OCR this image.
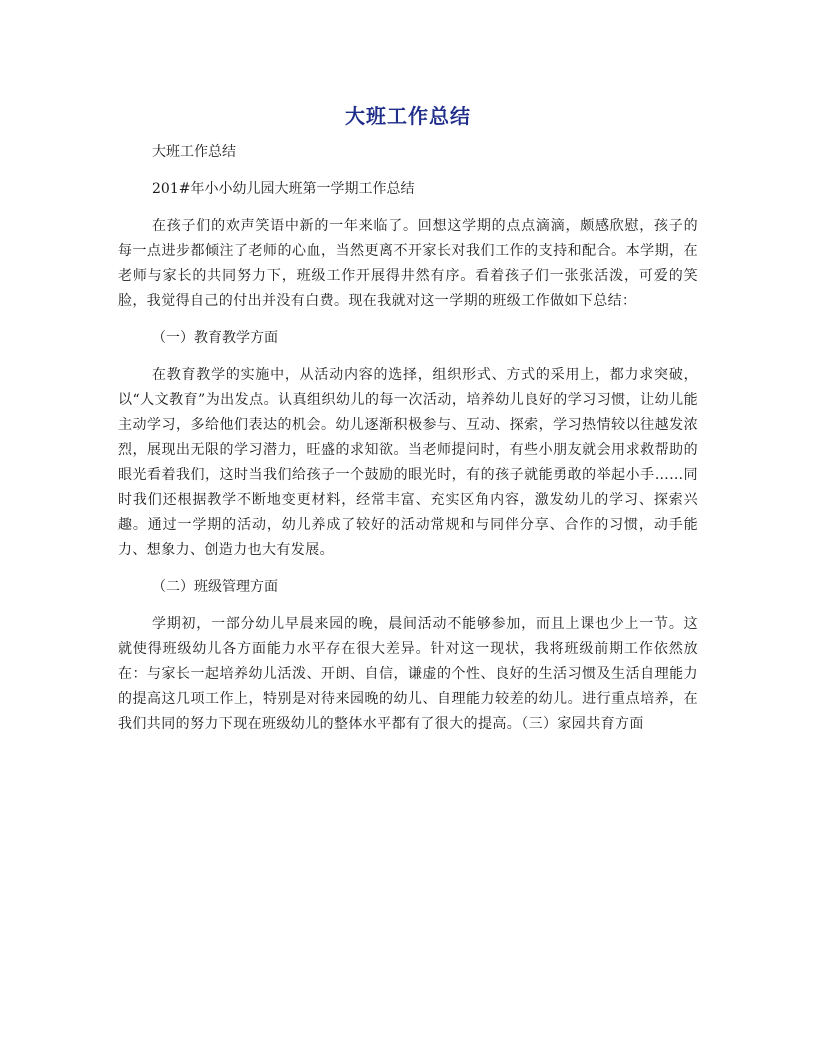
大班工作总结

大班工作总结

201#年小小幼儿园大班第一学期工作总结

在孩子们的欢声笑语中新的一年来临了。回想这学期的点点滴滴，颇感欣慰，孩子的每一点进步都倾注了老师的心血，当然更离不开家长对我们工作的支持和配合。本学期，在老师与家长的共同努力下，班级工作开展得井然有序。看着孩子们一张张活泼，可爱的笑脸，我觉得自己的付出并没有白费。现在我就对这一学期的班级工作做如下总结：

（一）教育教学方面

在教育教学的实施中，从活动内容的选择，组织形式、方式的采用上，都力求突破，以“人文教育”为出发点。认真组织幼儿的每一次活动，培养幼儿良好的学习习惯，让幼儿能主动学习，多给他们表达的机会。幼儿逐渐积极参与、互动、探索，学习热情较以往越发浓烈，展现出无限的学习潜力，旺盛的求知欲。当老师提问时，有些小朋友就会用求救帮助的眼光看着我们，这时当我们给孩子一个鼓励的眼光时，有的孩子就能勇敢的举起小手……同时我们还根据教学不断地变更材料，经常丰富、充实区角内容，激发幼儿的学习、探索兴趣。通过一学期的活动，幼儿养成了较好的活动常规和与同伴分享、合作的习惯，动手能力、想象力、创造力也大有发展。

（二）班级管理方面

学期初，一部分幼儿早晨来园的晚，晨间活动不能够参加，而且上课也少上一节。这就使得班级幼儿各方面能力水平存在很大差异。针对这一现状，我将班级前期工作依然放在：与家长一起培养幼儿活泼、开朗、自信，谦虚的个性、良好的生活习惯及生活自理能力的提高这几项工作上，特别是对待来园晚的幼儿、自理能力较差的幼儿。进行重点培养，在我们共同的努力下现在班级幼儿的整体水平都有了很大的提高。（三）家园共育方面
